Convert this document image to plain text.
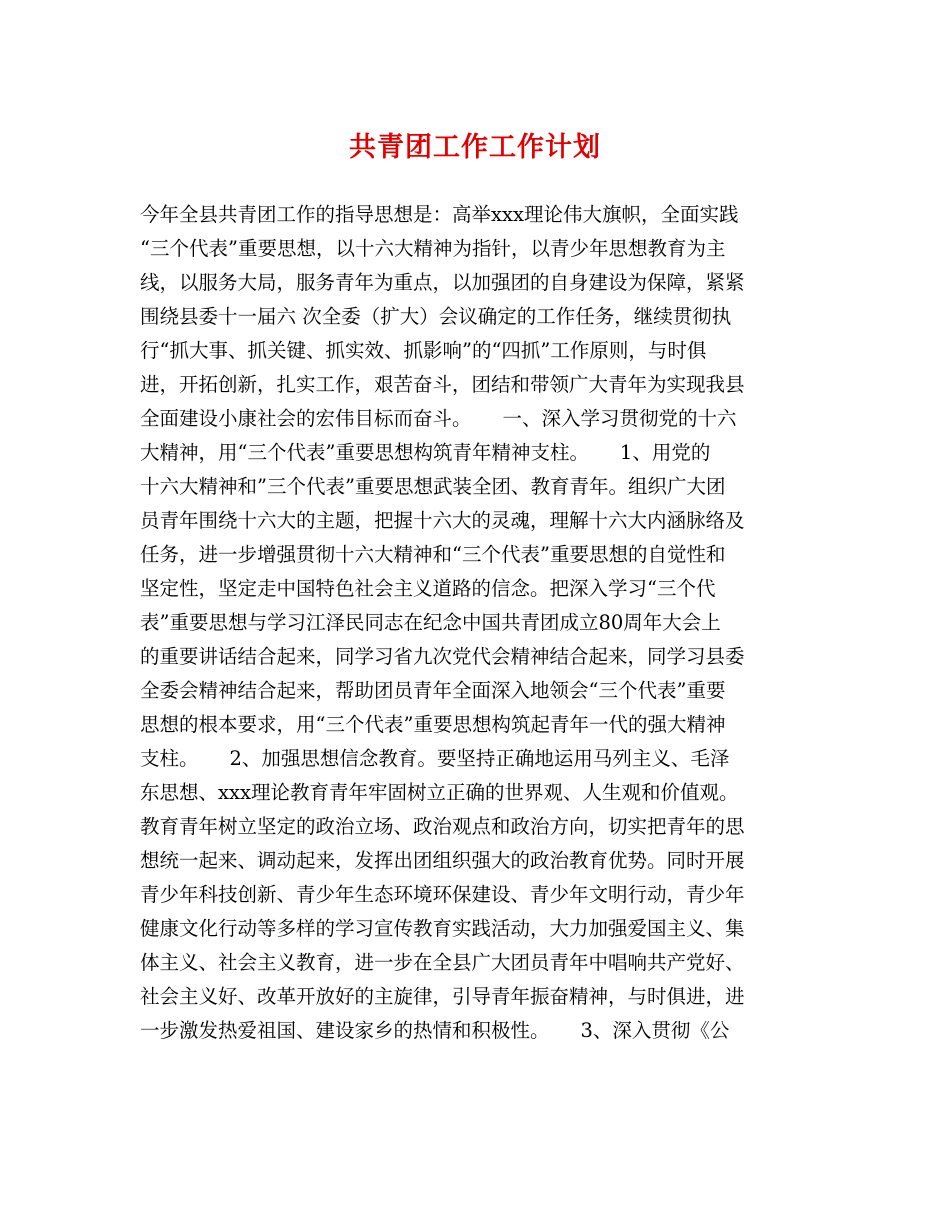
共青团工作工作计划
今年全县共青团工作的指导思想是：高举xxx理论伟大旗帜，全面实践
“三个代表”重要思想，以十六大精神为指针，以青少年思想教育为主
线，以服务大局，服务青年为重点，以加强团的自身建设为保障，紧紧
围绕县委十一届六 次全委（扩大）会议确定的工作任务，继续贯彻执
行“抓大事、抓关键、抓实效、抓影响”的“四抓”工作原则，与时俱
进，开拓创新，扎实工作，艰苦奋斗，团结和带领广大青年为实现我县
全面建设小康社会的宏伟目标而奋斗。     一、深入学习贯彻党的十六
大精神，用“三个代表”重要思想构筑青年精神支柱。     1、用党的
十六大精神和”三个代表”重要思想武装全团、教育青年。组织广大团
员青年围绕十六大的主题，把握十六大的灵魂，理解十六大内涵脉络及
任务，进一步增强贯彻十六大精神和“三个代表”重要思想的自觉性和
坚定性，坚定走中国特色社会主义道路的信念。把深入学习“三个代
表”重要思想与学习江泽民同志在纪念中国共青团成立80周年大会上
的重要讲话结合起来，同学习省九次党代会精神结合起来，同学习县委
全委会精神结合起来，帮助团员青年全面深入地领会“三个代表”重要
思想的根本要求，用“三个代表”重要思想构筑起青年一代的强大精神
支柱。     2、加强思想信念教育。要坚持正确地运用马列主义、毛泽
东思想、xxx理论教育青年牢固树立正确的世界观、人生观和价值观。
教育青年树立坚定的政治立场、政治观点和政治方向，切实把青年的思
想统一起来、调动起来，发挥出团组织强大的政治教育优势。同时开展
青少年科技创新、青少年生态环境环保建设、青少年文明行动，青少年
健康文化行动等多样的学习宣传教育实践活动，大力加强爱国主义、集
体主义、社会主义教育，进一步在全县广大团员青年中唱响共产党好、
社会主义好、改革开放好的主旋律，引导青年振奋精神，与时俱进，进
一步激发热爱祖国、建设家乡的热情和积极性。     3、深入贯彻《公
